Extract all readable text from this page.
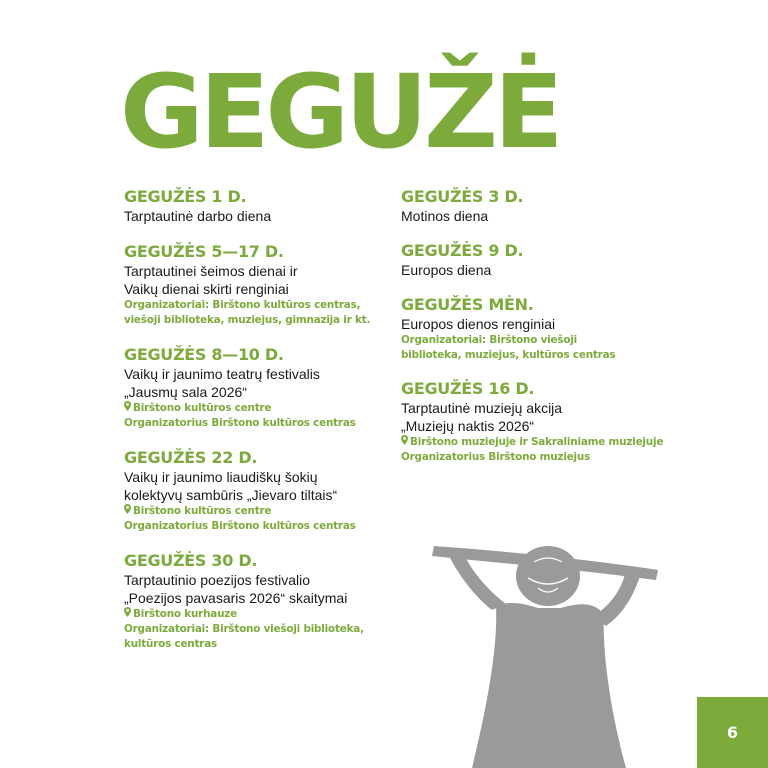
GEGUŽĖ
GEGUŽĖS 1 D.
Tarptautinė darbo diena
GEGUŽĖS 5—17 D.
Tarptautinei šeimos dienai ir
Vaikų dienai skirti renginiai
Organizatoriai: Birštono kultūros centras,
viešoji biblioteka, muziejus, gimnazija ir kt.
GEGUŽĖS 8—10 D.
Vaikų ir jaunimo teatrų festivalis
„Jausmų sala 2026“
Birštono kultūros centre
Organizatorius Birštono kultūros centras
GEGUŽĖS 22 D.
Vaikų ir jaunimo liaudiškų šokių
kolektyvų sambūris „Jievaro tiltais“
Birštono kultūros centre
Organizatorius Birštono kultūros centras
GEGUŽĖS 30 D.
Tarptautinio poezijos festivalio
„Poezijos pavasaris 2026“ skaitymai
Birštono kurhauze
Organizatoriai: Birštono viešoji biblioteka,
kultūros centras
GEGUŽĖS 3 D.
Motinos diena
GEGUŽĖS 9 D.
Europos diena
GEGUŽĖS MĖN.
Europos dienos renginiai
Organizatoriai: Birštono viešoji
biblioteka, muziejus, kultūros centras
GEGUŽĖS 16 D.
Tarptautinė muziejų akcija
„Muziejų naktis 2026“
Birštono muziejuje ir Sakraliniame muziejuje
Organizatorius Birštono muziejus
6
